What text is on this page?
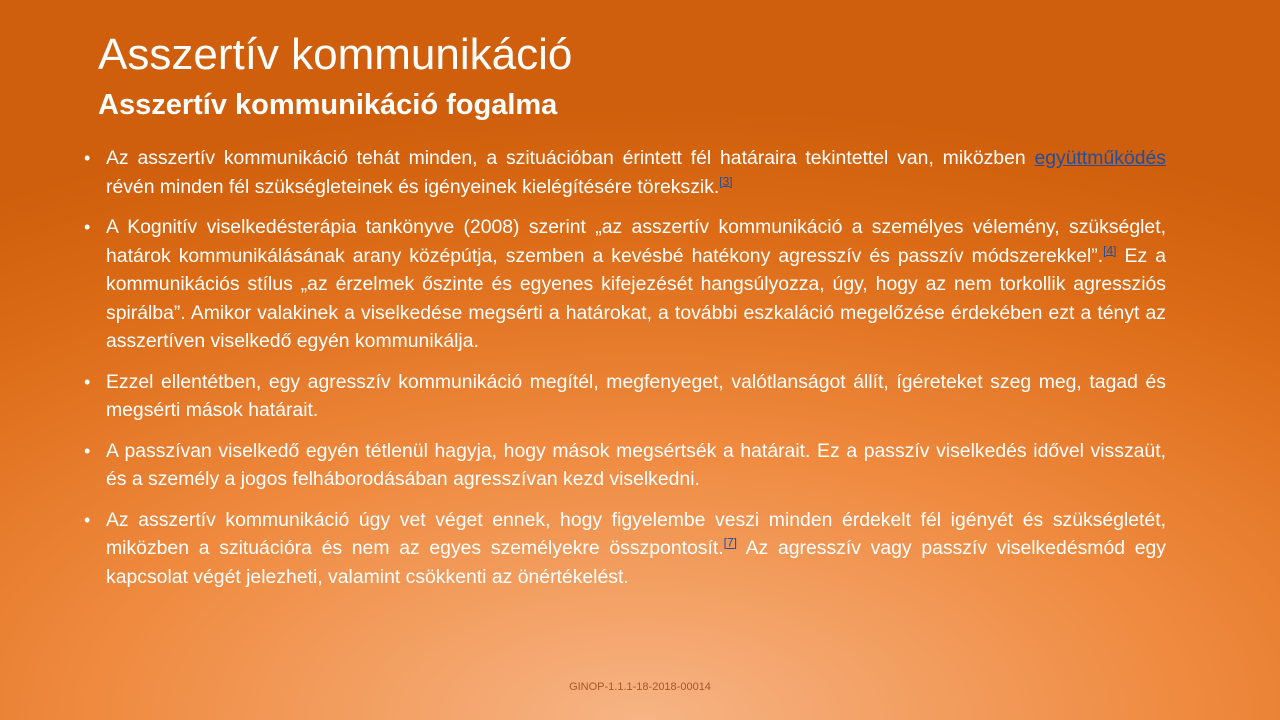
Asszertív kommunikáció
Asszertív kommunikáció fogalma
• Az asszertív kommunikáció tehát minden, a szituációban érintett fél határaira tekintettel van, miközben együttműködés révén minden fél szükségleteinek és igényeinek kielégítésére törekszik.[3]
• A Kognitív viselkedésterápia tankönyve (2008) szerint „az asszertív kommunikáció a személyes vélemény, szükséglet, határok kommunikálásának arany középútja, szemben a kevésbé hatékony agresszív és passzív módszerekkel”.[4] Ez a kommunikációs stílus „az érzelmek őszinte és egyenes kifejezését hangsúlyozza, úgy, hogy az nem torkollik agressziós spirálba”. Amikor valakinek a viselkedése megsérti a határokat, a további eszkaláció megelőzése érdekében ezt a tényt az asszertíven viselkedő egyén kommunikálja.
• Ezzel ellentétben, egy agresszív kommunikáció megítél, megfenyeget, valótlanságot állít, ígéreteket szeg meg, tagad és megsérti mások határait.
• A passzívan viselkedő egyén tétlenül hagyja, hogy mások megsértsék a határait. Ez a passzív viselkedés idővel visszaüt, és a személy a jogos felháborodásában agresszívan kezd viselkedni.
• Az asszertív kommunikáció úgy vet véget ennek, hogy figyelembe veszi minden érdekelt fél igényét és szükségletét, miközben a szituációra és nem az egyes személyekre összpontosít.[7] Az agresszív vagy passzív viselkedésmód egy kapcsolat végét jelezheti, valamint csökkenti az önértékelést.
GINOP-1.1.1-18-2018-00014
